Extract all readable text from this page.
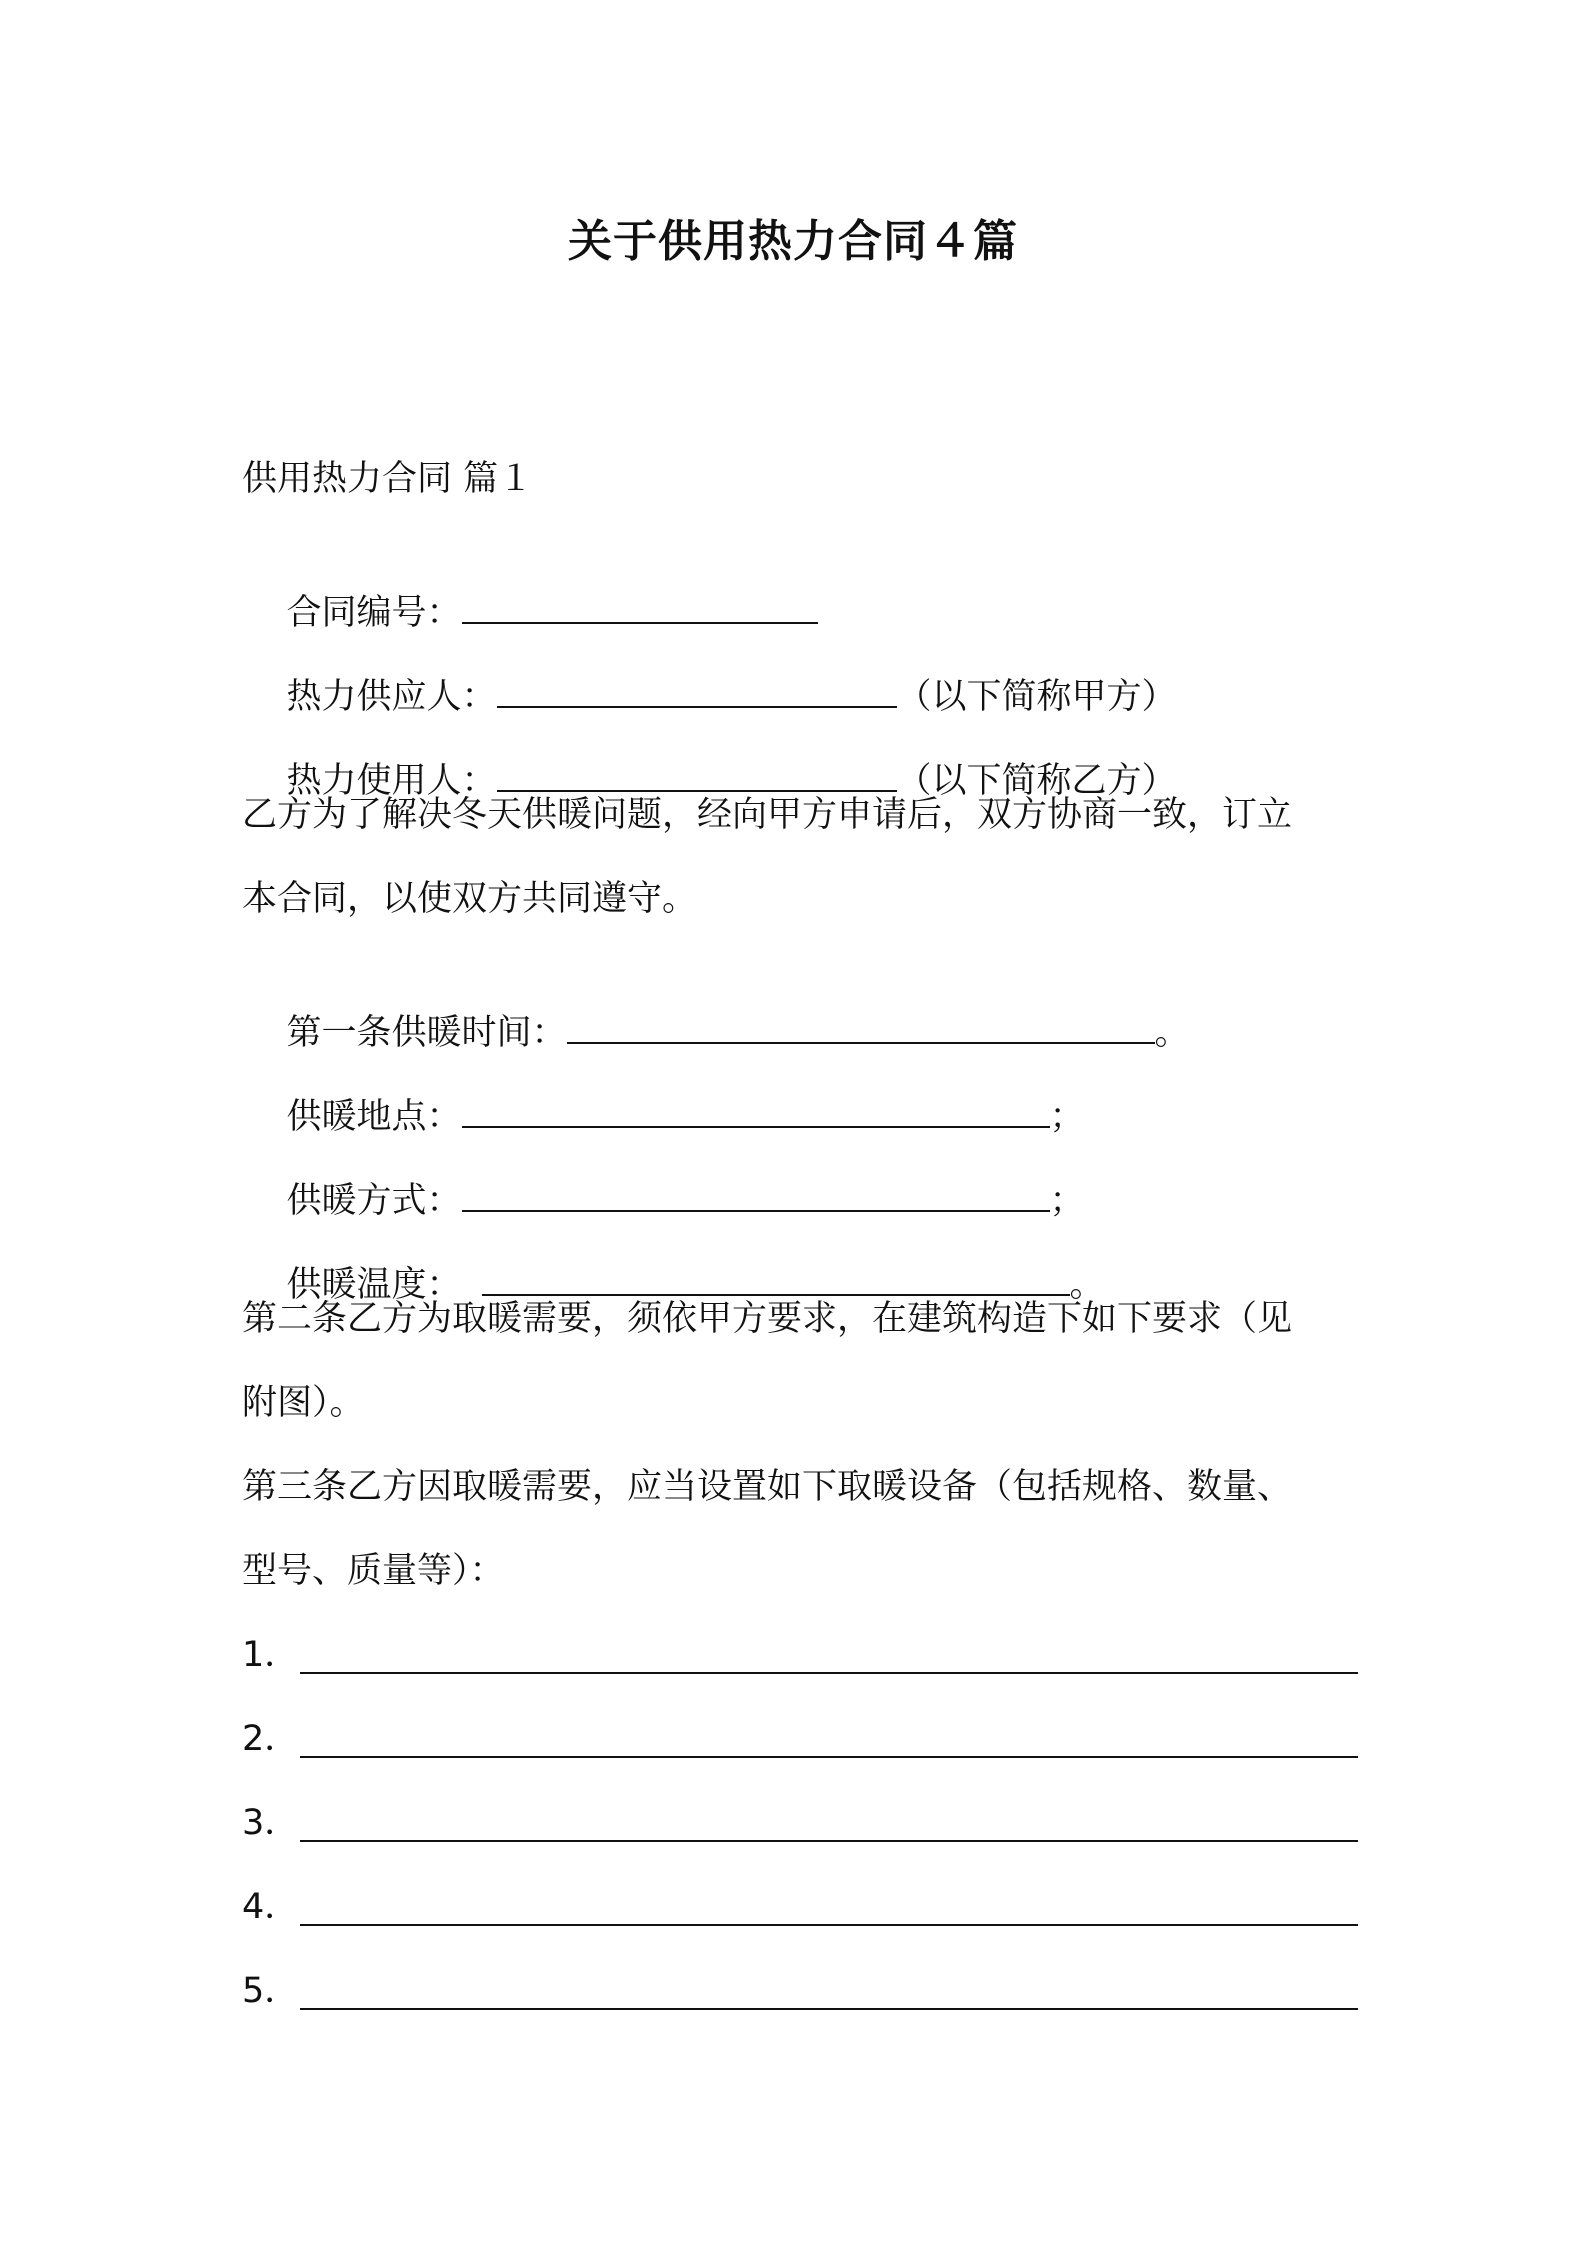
关于供用热力合同４篇
供用热力合同 篇１

合同编号：

热力供应人：	（以下简称甲方）

热力使用人：	（以下简称乙方）

乙方为了解决冬天供暖问题，经向甲方申请后，双方协商一致，订立
本合同，以使双方共同遵守。

第一条供暖时间：	。

供暖地点：	；

供暖方式：	；

供暖温度：	。

第二条乙方为取暖需要，须依甲方要求，在建筑构造下如下要求（见
附图）。
第三条乙方因取暖需要，应当设置如下取暖设备（包括规格、数量、
型号、质量等）：
1．
2．
3．
4．
5．
